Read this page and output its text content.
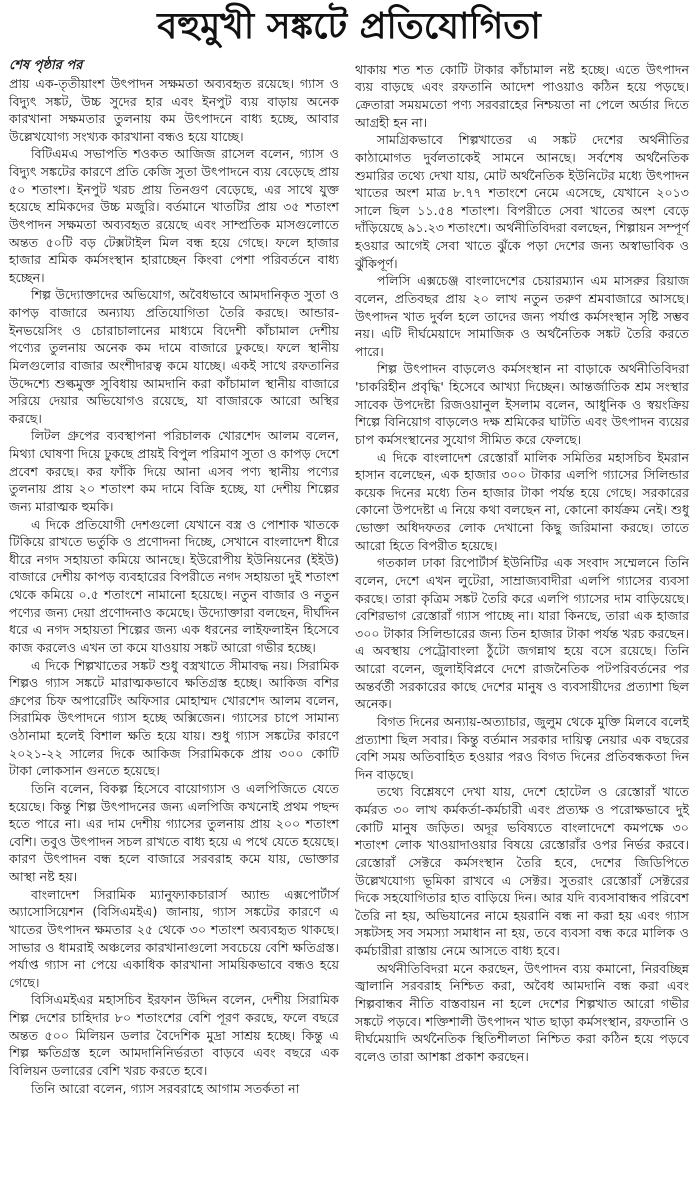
বহুমুখী সঙ্কটে প্রতিযোগিতা
শেষ পৃষ্ঠার পর

প্রায় এক-তৃতীয়াংশ উৎপাদন সক্ষমতা অব্যবহৃত রয়েছে। গ্যাস ও বিদ্যুৎ সঙ্কট, উচ্চ সুদের হার এবং ইনপুট ব্যয় বাড়ায় অনেক কারখানা সক্ষমতার তুলনায় কম উৎপাদনে বাধ্য হচ্ছে, আবার উল্লেখযোগ্য সংখ্যক কারখানা বন্ধও হয়ে যাচ্ছে।

বিটিএমএ সভাপতি শওকত আজিজ রাসেল বলেন, গ্যাস ও বিদ্যুৎ সঙ্কটের কারণে প্রতি কেজি সুতা উৎপাদনে ব্যয় বেড়েছে প্রায় ৫০ শতাংশ। ইনপুট খরচ প্রায় তিনগুণ বেড়েছে, এর সাথে যুক্ত হয়েছে শ্রমিকদের উচ্চ মজুরি। বর্তমানে খাতটির প্রায় ৩৫ শতাংশ উৎপাদন সক্ষমতা অব্যবহৃত রয়েছে এবং সাম্প্রতিক মাসগুলোতে অন্তত ৫০টি বড় টেক্সটাইল মিল বন্ধ হয়ে গেছে। ফলে হাজার হাজার শ্রমিক কর্মসংস্থান হারাচ্ছেন কিংবা পেশা পরিবর্তনে বাধ্য হচ্ছেন।

শিল্প উদ্যোক্তাদের অভিযোগ, অবৈধভাবে আমদানিকৃত সুতা ও কাপড় বাজারে অন্যায্য প্রতিযোগিতা তৈরি করছে। আন্ডার-ইনভয়েসিং ও চোরাচালানের মাধ্যমে বিদেশী কাঁচামাল দেশীয় পণ্যের তুলনায় অনেক কম দামে বাজারে ঢুকছে। ফলে স্থানীয় মিলগুলোর বাজার অংশীদারত্ব কমে যাচ্ছে। একই সাথে রফতানির উদ্দেশ্যে শুল্কমুক্ত সুবিধায় আমদানি করা কাঁচামাল স্থানীয় বাজারে সরিয়ে দেয়ার অভিযোগও রয়েছে, যা বাজারকে আরো অস্থির করছে।

লিটল গ্রুপের ব্যবস্থাপনা পরিচালক খোরশেদ আলম বলেন, মিথ্যা ঘোষণা দিয়ে ঢুকছে প্রায়ই বিপুল পরিমাণ সুতা ও কাপড় দেশে প্রবেশ করছে। কর ফাঁকি দিয়ে আনা এসব পণ্য স্থানীয় পণ্যের তুলনায় প্রায় ২০ শতাংশ কম দামে বিক্রি হচ্ছে, যা দেশীয় শিল্পের জন্য মারাত্মক হুমকি।

এ দিকে প্রতিযোগী দেশগুলো যেখানে বস্ত্র ও পোশাক খাতকে টিকিয়ে রাখতে ভর্তুকি ও প্রণোদনা দিচ্ছে, সেখানে বাংলাদেশ ধীরে ধীরে নগদ সহায়তা কমিয়ে আনছে। ইউরোপীয় ইউনিয়নের (ইইউ) বাজারে দেশীয় কাপড় ব্যবহারের বিপরীতে নগদ সহায়তা দুই শতাংশ থেকে কমিয়ে ০.৫ শতাংশে নামানো হয়েছে। নতুন বাজার ও নতুন পণ্যের জন্য দেয়া প্রণোদনাও কমেছে। উদ্যোক্তারা বলছেন, দীর্ঘদিন ধরে এ নগদ সহায়তা শিল্পের জন্য এক ধরনের লাইফলাইন হিসেবে কাজ করলেও এখন তা কমে যাওয়ায় সঙ্কট আরো গভীর হচ্ছে।

এ দিকে শিল্পখাতের সঙ্কট শুধু বস্ত্রখাতে সীমাবদ্ধ নয়। সিরামিক শিল্পও গ্যাস সঙ্কটে মারাত্মকভাবে ক্ষতিগ্রস্ত হচ্ছে। আকিজ বশির গ্রুপের চিফ অপারেটিং অফিসার মোহাম্মদ খোরশেদ আলম বলেন, সিরামিক উৎপাদনে গ্যাস হচ্ছে অক্সিজেন। গ্যাসের চাপে সামান্য ওঠানামা হলেই বিশাল ক্ষতি হয়ে যায়। শুধু গ্যাস সঙ্কটের কারণে ২০২১-২২ সালের দিকে আকিজ সিরামিককে প্রায় ৩০০ কোটি টাকা লোকসান গুনতে হয়েছে।

তিনি বলেন, বিকল্প হিসেবে বায়োগ্যাস ও এলপিজিতে যেতে হয়েছে। কিন্তু শিল্প উৎপাদনের জন্য এলপিজি কখনোই প্রথম পছন্দ হতে পারে না। এর দাম দেশীয় গ্যাসের তুলনায় প্রায় ২০০ শতাংশ বেশি। তবুও উৎপাদন সচল রাখতে বাধ্য হয়ে এ পথে যেতে হয়েছে। কারণ উৎপাদন বন্ধ হলে বাজারে সরবরাহ কমে যায়, ভোক্তার আস্থা নষ্ট হয়।

বাংলাদেশ সিরামিক ম্যানুফ্যাকচারার্স অ্যান্ড এক্সপোর্টার্স অ্যাসোসিয়েশন (বিসিএমইএ) জানায়, গ্যাস সঙ্কটের কারণে এ খাতের উৎপাদন ক্ষমতার ২৫ থেকে ৩০ শতাংশ অব্যবহৃত থাকছে। সাভার ও ধামরাই অঞ্চলের কারখানাগুলো সবচেয়ে বেশি ক্ষতিগ্রস্ত। পর্যাপ্ত গ্যাস না পেয়ে একাধিক কারখানা সাময়িকভাবে বন্ধও হয়ে গেছে।

বিসিএমইএর মহাসচিব ইরফান উদ্দিন বলেন, দেশীয় সিরামিক শিল্প দেশের চাহিদার ৮০ শতাংশের বেশি পূরণ করছে, ফলে বছরে অন্তত ৫০০ মিলিয়ন ডলার বৈদেশিক মুদ্রা সাশ্রয় হচ্ছে। কিন্তু এ শিল্প ক্ষতিগ্রস্ত হলে আমদানিনির্ভরতা বাড়বে এবং বছরে এক বিলিয়ন ডলারের বেশি খরচ করতে হবে।

তিনি আরো বলেন, গ্যাস সরবরাহে আগাম সতর্কতা না

থাকায় শত শত কোটি টাকার কাঁচামাল নষ্ট হচ্ছে। এতে উৎপাদন ব্যয় বাড়ছে এবং রফতানি আদেশ পাওয়াও কঠিন হয়ে পড়ছে। ক্রেতারা সময়মতো পণ্য সরবরাহের নিশ্চয়তা না পেলে অর্ডার দিতে আগ্রহী হন না।

সামগ্রিকভাবে শিল্পখাতের এ সঙ্কট দেশের অর্থনীতির কাঠামোগত দুর্বলতাকেই সামনে আনছে। সর্বশেষ অর্থনৈতিক শুমারির তথ্যে দেখা যায়, মোট অর্থনৈতিক ইউনিটের মধ্যে উৎপাদন খাতের অংশ মাত্র ৮.৭৭ শতাংশে নেমে এসেছে, যেখানে ২০১৩ সালে ছিল ১১.৫৪ শতাংশ। বিপরীতে সেবা খাতের অংশ বেড়ে দাঁড়িয়েছে ৯১.২৩ শতাংশে। অর্থনীতিবিদরা বলছেন, শিল্পায়ন সম্পূর্ণ হওয়ার আগেই সেবা খাতে ঝুঁকে পড়া দেশের জন্য অস্বাভাবিক ও ঝুঁকিপূর্ণ।

পলিসি এক্সচেঞ্জ বাংলাদেশের চেয়ারম্যান এম মাসরুর রিয়াজ বলেন, প্রতিবছর প্রায় ২০ লাখ নতুন তরুণ শ্রমবাজারে আসছে। উৎপাদন খাত দুর্বল হলে তাদের জন্য পর্যাপ্ত কর্মসংস্থান সৃষ্টি সম্ভব নয়। এটি দীর্ঘমেয়াদে সামাজিক ও অর্থনৈতিক সঙ্কট তৈরি করতে পারে।

শিল্প উৎপাদন বাড়লেও কর্মসংস্থান না বাড়াকে অর্থনীতিবিদরা 'চাকরিহীন প্রবৃদ্ধি' হিসেবে আখ্যা দিচ্ছেন। আন্তর্জাতিক শ্রম সংস্থার সাবেক উপদেষ্টা রিজওয়ানুল ইসলাম বলেন, আধুনিক ও স্বয়ংক্রিয় শিল্পে বিনিয়োগ বাড়লেও দক্ষ শ্রমিকের ঘাটতি এবং উৎপাদন ব্যয়ের চাপ কর্মসংস্থানের সুযোগ সীমিত করে ফেলছে।

এ দিকে বাংলাদেশ রেস্তোরাঁ মালিক সমিতির মহাসচিব ইমরান হাসান বলেছেন, এক হাজার ৩০০ টাকার এলপি গ্যাসের সিলিন্ডার কয়েক দিনের মধ্যে তিন হাজার টাকা পর্যন্ত হয়ে গেছে। সরকারের কোনো উপদেষ্টা এ নিয়ে কথা বলছেন না, কোনো কার্যক্রম নেই। শুধু ভোক্তা অধিদফতর লোক দেখানো কিছু জরিমানা করছে। তাতে আরো হিতে বিপরীত হয়েছে।

গতকাল ঢাকা রিপোর্টার্স ইউনিটির এক সংবাদ সম্মেলনে তিনি বলেন, দেশে এখন লুটেরা, সাম্রাজ্যবাদীরা এলপি গ্যাসের ব্যবসা করছে। তারা কৃত্রিম সঙ্কট তৈরি করে এলপি গ্যাসের দাম বাড়িয়েছে। বেশিরভাগ রেস্তোরাঁ গ্যাস পাচ্ছে না। যারা কিনছে, তারা এক হাজার ৩০০ টাকার সিলিন্ডারের জন্য তিন হাজার টাকা পর্যন্ত খরচ করছেন। এ অবস্থায় পেট্রোবাংলা ঠুঁটো জগন্নাথ হয়ে বসে রয়েছে। তিনি আরো বলেন, জুলাইবিপ্লবে দেশে রাজনৈতিক পটপরিবর্তনের পর অন্তর্বর্তী সরকারের কাছে দেশের মানুষ ও ব্যবসায়ীদের প্রত্যাশা ছিল অনেক।

বিগত দিনের অন্যায়-অত্যাচার, জুলুম থেকে মুক্তি মিলবে বলেই প্রত্যাশা ছিল সবার। কিন্তু বর্তমান সরকার দায়িত্ব নেয়ার এক বছরের বেশি সময় অতিবাহিত হওয়ার পরও বিগত দিনের প্রতিবন্ধকতা দিন দিন বাড়ছে।

তথ্যে বিশ্লেষণে দেখা যায়, দেশে হোটেল ও রেস্তোরাঁ খাতে কর্মরত ৩০ লাখ কর্মকর্তা-কর্মচারী এবং প্রত্যক্ষ ও পরোক্ষভাবে দুই কোটি মানুষ জড়িত। অদূর ভবিষ্যতে বাংলাদেশে কমপক্ষে ৩০ শতাংশ লোক খাওয়াদাওয়ার বিষয়ে রেস্তোরাঁর ওপর নির্ভর করবে। রেস্তোরাঁ সেক্টরে কর্মসংস্থান তৈরি হবে, দেশের জিডিপিতে উল্লেখযোগ্য ভূমিকা রাখবে এ সেক্টর। সুতরাং রেস্তোরাঁ সেক্টরের দিকে সহযোগিতার হাত বাড়িয়ে দিন। আর যদি ব্যবসাবান্ধব পরিবেশ তৈরি না হয়, অভিযানের নামে হয়রানি বন্ধ না করা হয় এবং গ্যাস সঙ্কটসহ সব সমস্যা সমাধান না হয়, তবে ব্যবসা বন্ধ করে মালিক ও কর্মচারীরা রাস্তায় নেমে আসতে বাধ্য হবে।

অর্থনীতিবিদরা মনে করছেন, উৎপাদন ব্যয় কমানো, নিরবচ্ছিন্ন জ্বালানি সরবরাহ নিশ্চিত করা, অবৈধ আমদানি বন্ধ করা এবং শিল্পবান্ধব নীতি বাস্তবায়ন না হলে দেশের শিল্পখাত আরো গভীর সঙ্কটে পড়বে। শক্তিশালী উৎপাদন খাত ছাড়া কর্মসংস্থান, রফতানি ও দীর্ঘমেয়াদি অর্থনৈতিক স্থিতিশীলতা নিশ্চিত করা কঠিন হয়ে পড়বে বলেও তারা আশঙ্কা প্রকাশ করছেন।
